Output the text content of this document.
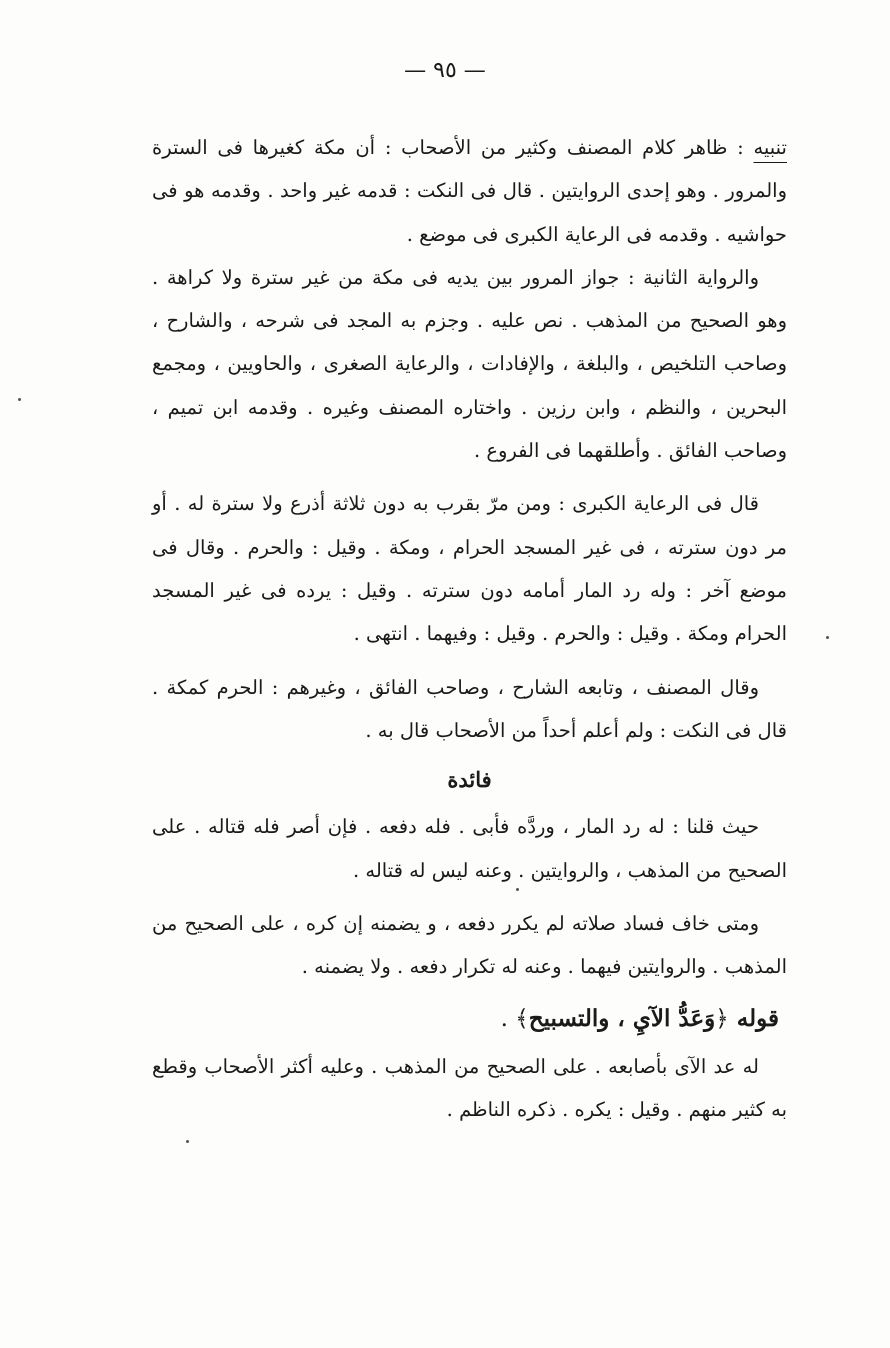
— ٩٥ —

تنبيه : ظاهر كلام المصنف وكثير من الأصحاب : أن مكة كغيرها فى السترة والمرور . وهو إحدى الروايتين . قال فى النكت : قدمه غير واحد . وقدمه هو فى حواشيه . وقدمه فى الرعاية الكبرى فى موضع .

والرواية الثانية : جواز المرور بين يديه فى مكة من غير سترة ولا كراهة . وهو الصحيح من المذهب . نص عليه . وجزم به المجد فى شرحه ، والشارح ، وصاحب التلخيص ، والبلغة ، والإفادات ، والرعاية الصغرى ، والحاويين ، ومجمع البحرين ، والنظم ، وابن رزين . واختاره المصنف وغيره . وقدمه ابن تميم ، وصاحب الفائق . وأطلقهما فى الفروع .

قال فى الرعاية الكبرى : ومن مرّ بقرب به دون ثلاثة أذرع ولا سترة له . أو مر دون سترته ، فى غير المسجد الحرام ، ومكة . وقيل : والحرم . وقال فى موضع آخر : وله رد المار أمامه دون سترته . وقيل : يرده فى غير المسجد الحرام ومكة . وقيل : والحرم . وقيل : وفيهما . انتهى .

وقال المصنف ، وتابعه الشارح ، وصاحب الفائق ، وغيرهم : الحرم كمكة . قال فى النكت : ولم أعلم أحداً من الأصحاب قال به .

فائدة

حيث قلنا : له رد المار ، وردَّه فأبى . فله دفعه . فإن أصر فله قتاله . على الصحيح من المذهب ، والروايتين . وعنه ليس له قتاله .

ومتى خاف فساد صلاته لم يكرر دفعه ، و يضمنه إن كره ، على الصحيح من المذهب . والروايتين فيهما . وعنه له تكرار دفعه . ولا يضمنه .

قوله ﴿وَعَدُّ الآيِ ، والتسبيح﴾ .

له عد الآى بأصابعه . على الصحيح من المذهب . وعليه أكثر الأصحاب وقطع به كثير منهم . وقيل : يكره . ذكره الناظم .
